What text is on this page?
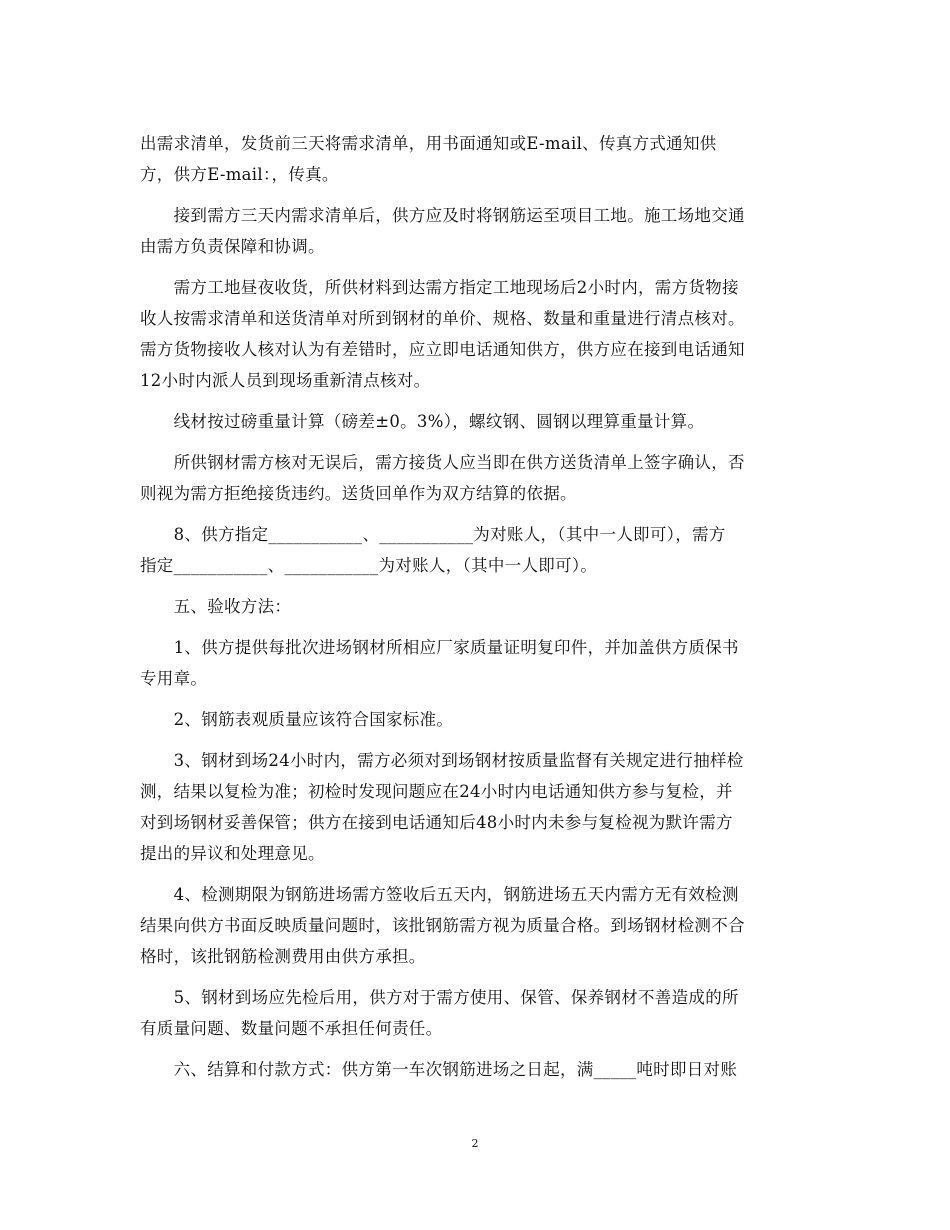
出需求清单，发货前三天将需求清单，用书面通知或E-mail、传真方式通知供
方，供方E-mail：，传真。
　　接到需方三天内需求清单后，供方应及时将钢筋运至项目工地。施工场地交通
由需方负责保障和协调。
　　需方工地昼夜收货，所供材料到达需方指定工地现场后2小时内，需方货物接
收人按需求清单和送货清单对所到钢材的单价、规格、数量和重量进行清点核对。
需方货物接收人核对认为有差错时，应立即电话通知供方，供方应在接到电话通知
12小时内派人员到现场重新清点核对。
　　线材按过磅重量计算（磅差±0。3%），螺纹钢、圆钢以理算重量计算。
　　所供钢材需方核对无误后，需方接货人应当即在供方送货清单上签字确认，否
则视为需方拒绝接货违约。送货回单作为双方结算的依据。
　　8、供方指定___________、___________为对账人，（其中一人即可），需方
指定___________、___________为对账人，（其中一人即可）。
　　五、验收方法：
　　1、供方提供每批次进场钢材所相应厂家质量证明复印件，并加盖供方质保书
专用章。
　　2、钢筋表观质量应该符合国家标准。
　　3、钢材到场24小时内，需方必须对到场钢材按质量监督有关规定进行抽样检
测，结果以复检为准；初检时发现问题应在24小时内电话通知供方参与复检，并
对到场钢材妥善保管；供方在接到电话通知后48小时内未参与复检视为默许需方
提出的异议和处理意见。
　　4、检测期限为钢筋进场需方签收后五天内，钢筋进场五天内需方无有效检测
结果向供方书面反映质量问题时，该批钢筋需方视为质量合格。到场钢材检测不合
格时，该批钢筋检测费用由供方承担。
　　5、钢材到场应先检后用，供方对于需方使用、保管、保养钢材不善造成的所
有质量问题、数量问题不承担任何责任。
　　六、结算和付款方式：供方第一车次钢筋进场之日起，满_____吨时即日对账
2
